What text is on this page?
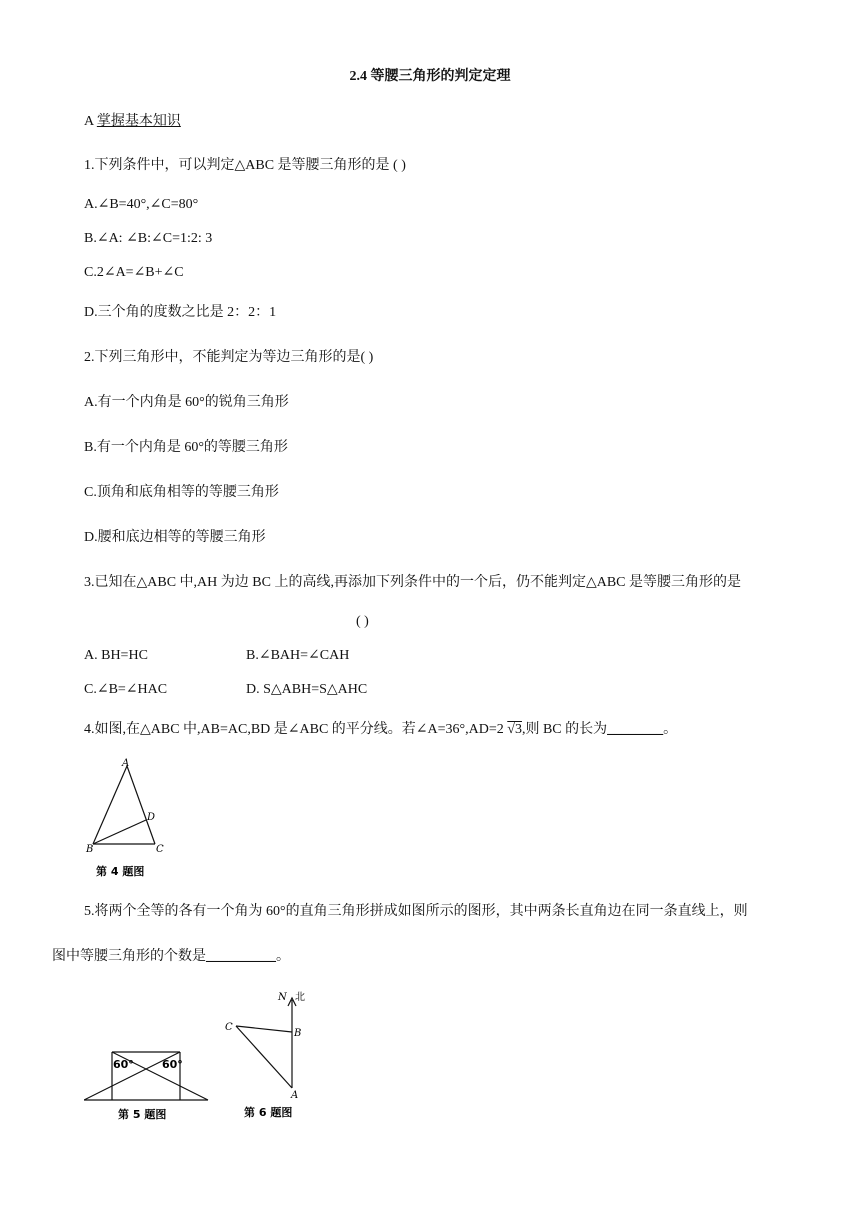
2.4 等腰三角形的判定定理
A 掌握基本知识
1.下列条件中，可以判定△ABC 是等腰三角形的是 ( )
A.∠B=40°,∠C=80°
B.∠A: ∠B:∠C=1:2: 3
C.2∠A=∠B+∠C
D.三个角的度数之比是 2：2：1
2.下列三角形中，不能判定为等边三角形的是( )
A.有一个内角是 60°的锐角三角形
B.有一个内角是 60°的等腰三角形
C.顶角和底角相等的等腰三角形
D.腰和底边相等的等腰三角形
3.已知在△ABC 中,AH 为边 BC 上的高线,再添加下列条件中的一个后，仍不能判定△ABC 是等腰三角形的是
( )
A. BH=HC	B.∠BAH=∠CAH
C.∠B=∠HAC	D. S△ABH=S△AHC
4.如图,在△ABC 中,AB=AC,BD 是∠ABC 的平分线。若∠A=36°,AD=2 √3,则 BC 的长为________。
A
B	C
D
第 4 题图
5.将两个全等的各有一个角为 60°的直角三角形拼成如图所示的图形，其中两条长直角边在同一条直线上，则
图中等腰三角形的个数是__________。
60°	60°
第 5 题图
N 北
C
B
A
第 6 题图
